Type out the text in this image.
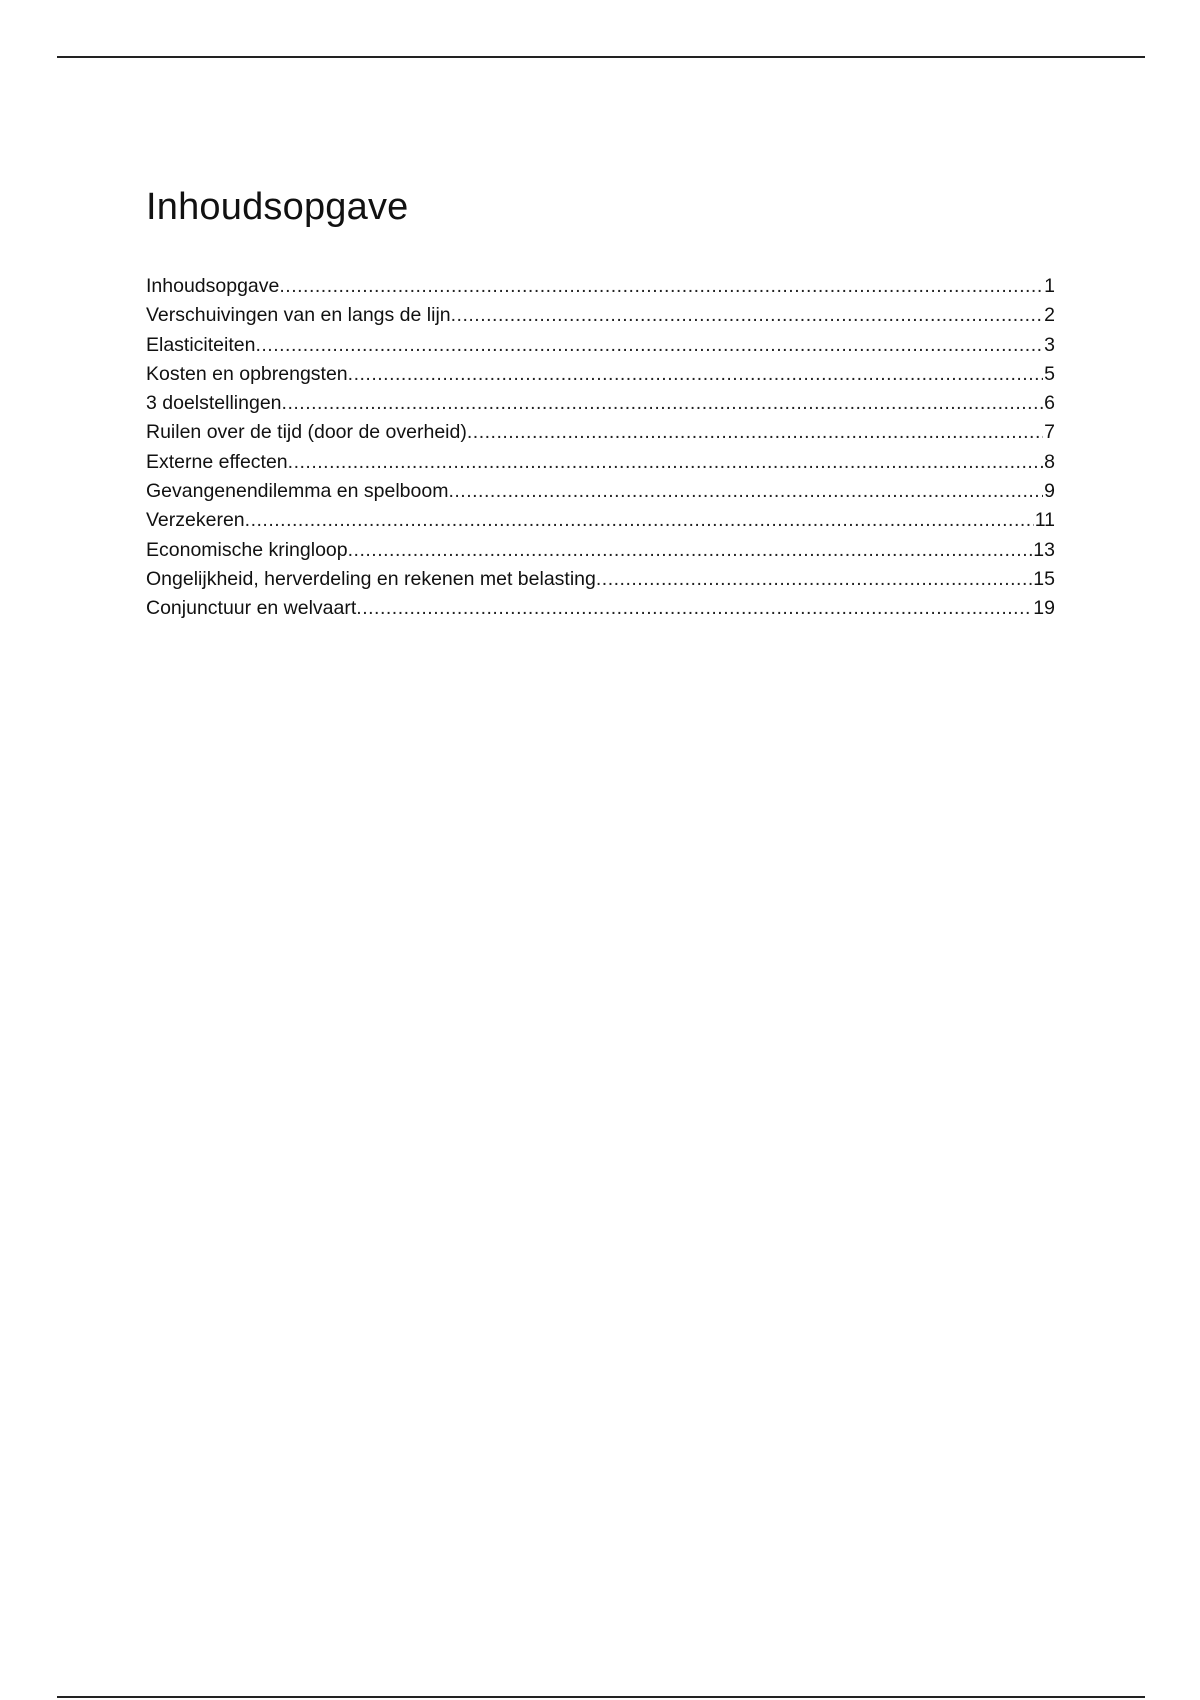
Inhoudsopgave
Inhoudsopgave .....	1
Verschuivingen van en langs de lijn .....	2
Elasticiteiten .....	3
Kosten en opbrengsten .....	5
3 doelstellingen .....	6
Ruilen over de tijd (door de overheid) .....	7
Externe effecten .....	8
Gevangenendilemma en spelboom .....	9
Verzekeren .....	11
Economische kringloop .....	13
Ongelijkheid, herverdeling en rekenen met belasting .....	15
Conjunctuur en welvaart .....	19
